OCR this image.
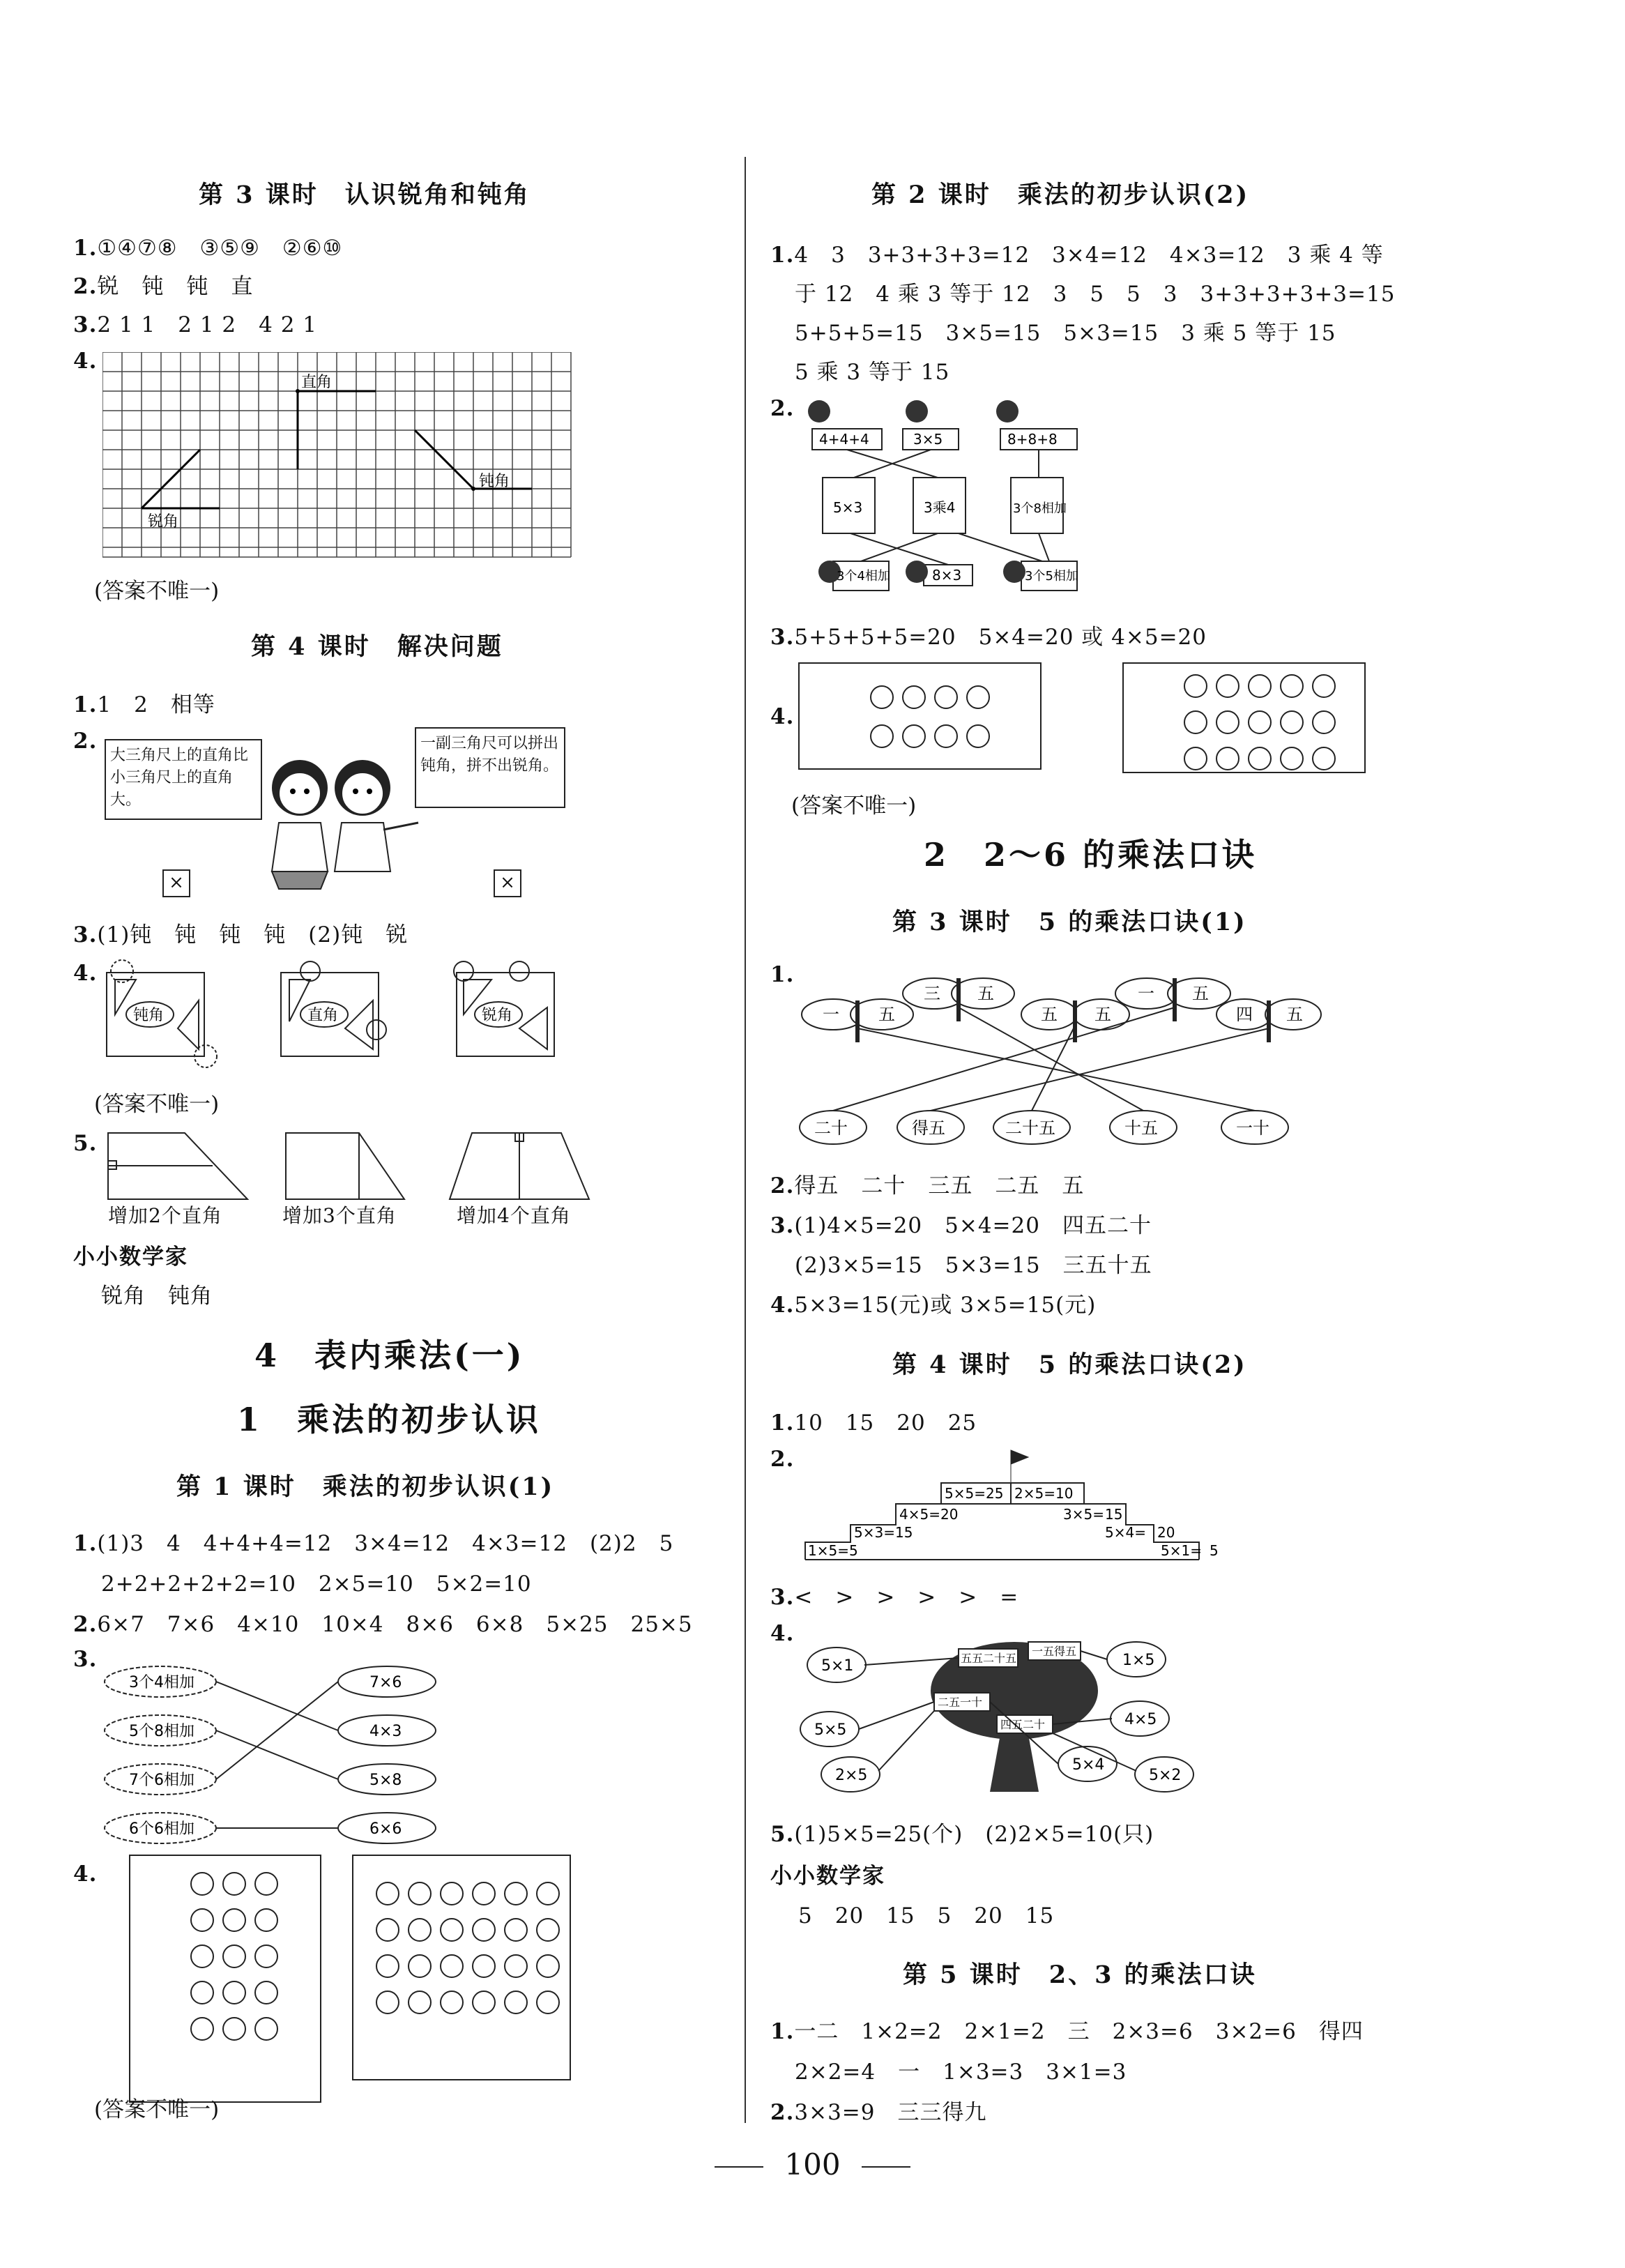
第 3 课时　认识锐角和钝角
1.①④⑦⑧　③⑤⑨　②⑥⑩
2.锐　钝　钝　直
3.2 1 1　2 1 2　4 2 1
4.
直角
钝角
锐角
(答案不唯一)
第 4 课时　解决问题
1.1　2　相等
2.
大三角尺上的直角比小三角尺上的直角大。
一副三角尺可以拼出钝角，拼不出锐角。
×	×
3.(1)钝　钝　钝　钝　(2)钝　锐
4.
钝角	直角	锐角
(答案不唯一)
5.
增加2个直角	增加3个直角	增加4个直角
小小数学家
锐角　钝角
4　表内乘法(一)
1　乘法的初步认识
第 1 课时　乘法的初步认识(1)
1.(1)3　4　4+4+4=12　3×4=12　4×3=12　(2)2　5
2+2+2+2+2=10　2×5=10　5×2=10
2.6×7　7×6　4×10　10×4　8×6　6×8　5×25　25×5
3.
3个4相加
5个8相加
7个6相加
6个6相加
7×6
4×3
5×8
6×6
4.
(答案不唯一)
第 2 课时　乘法的初步认识(2)
1.4　3　3+3+3+3=12　3×4=12　4×3=12　3 乘 4 等
于 12　4 乘 3 等于 12　3　5　5　3　3+3+3+3+3=15
5+5+5=15　3×5=15　5×3=15　3 乘 5 等于 15
5 乘 3 等于 15
2.
4+4+4	3×5	8+8+8
5×3	3乘4	3个8相加
3个4相加	8×3	3个5相加
3.5+5+5+5=20　5×4=20 或 4×5=20
4.
(答案不唯一)
2　2～6 的乘法口诀
第 3 课时　5 的乘法口诀(1)
1.
一 五
三 五
五 五
一 五
四 五
二十	得五	二十五	十五	一十
2.得五　二十　三五　二五　五
3.(1)4×5=20　5×4=20　四五二十
(2)3×5=15　5×3=15　三五十五
4.5×3=15(元)或 3×5=15(元)
第 4 课时　5 的乘法口诀(2)
1.10　15　20　25
2.
5×5=25 2×5=10
4×5=20	3×5= 15
5×3=15	5×4= 20
1×5=5	5×1= 5
3.<　>　>　>　>　=
4.
5×1	1×5
5×5
4×5
2×5
5×4
5×2
五五二十五
一五得五
二五一十
四五二十
5.(1)5×5=25(个)　(2)2×5=10(只)
小小数学家
5　20　15　5　20　15
第 5 课时　2、3 的乘法口诀
1.一二　1×2=2　2×1=2　三　2×3=6　3×2=6　得四
2×2=4　一　1×3=3　3×1=3
2.3×3=9　三三得九
100
